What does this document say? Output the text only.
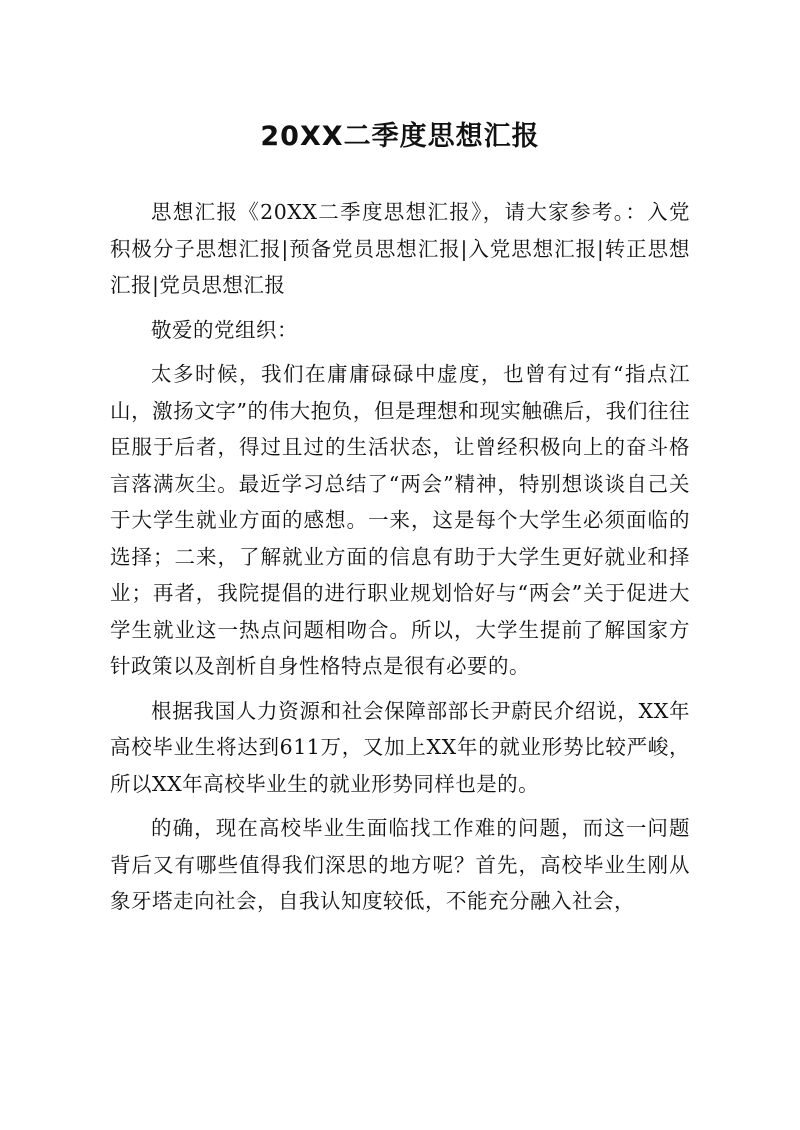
20XX二季度思想汇报

思想汇报《20XX二季度思想汇报》，请大家参考。：入党积极分子思想汇报|预备党员思想汇报|入党思想汇报|转正思想汇报|党员思想汇报

敬爱的党组织：

太多时候，我们在庸庸碌碌中虚度，也曾有过有“指点江山，激扬文字”的伟大抱负，但是理想和现实触礁后，我们往往臣服于后者，得过且过的生活状态，让曾经积极向上的奋斗格言落满灰尘。最近学习总结了“两会”精神，特别想谈谈自己关于大学生就业方面的感想。一来，这是每个大学生必须面临的选择；二来，了解就业方面的信息有助于大学生更好就业和择业；再者，我院提倡的进行职业规划恰好与“两会”关于促进大学生就业这一热点问题相吻合。所以，大学生提前了解国家方针政策以及剖析自身性格特点是很有必要的。

根据我国人力资源和社会保障部部长尹蔚民介绍说，XX年高校毕业生将达到611万，又加上XX年的就业形势比较严峻，所以XX年高校毕业生的就业形势同样也是的。

的确，现在高校毕业生面临找工作难的问题，而这一问题背后又有哪些值得我们深思的地方呢？首先，高校毕业生刚从象牙塔走向社会，自我认知度较低，不能充分融入社会，
